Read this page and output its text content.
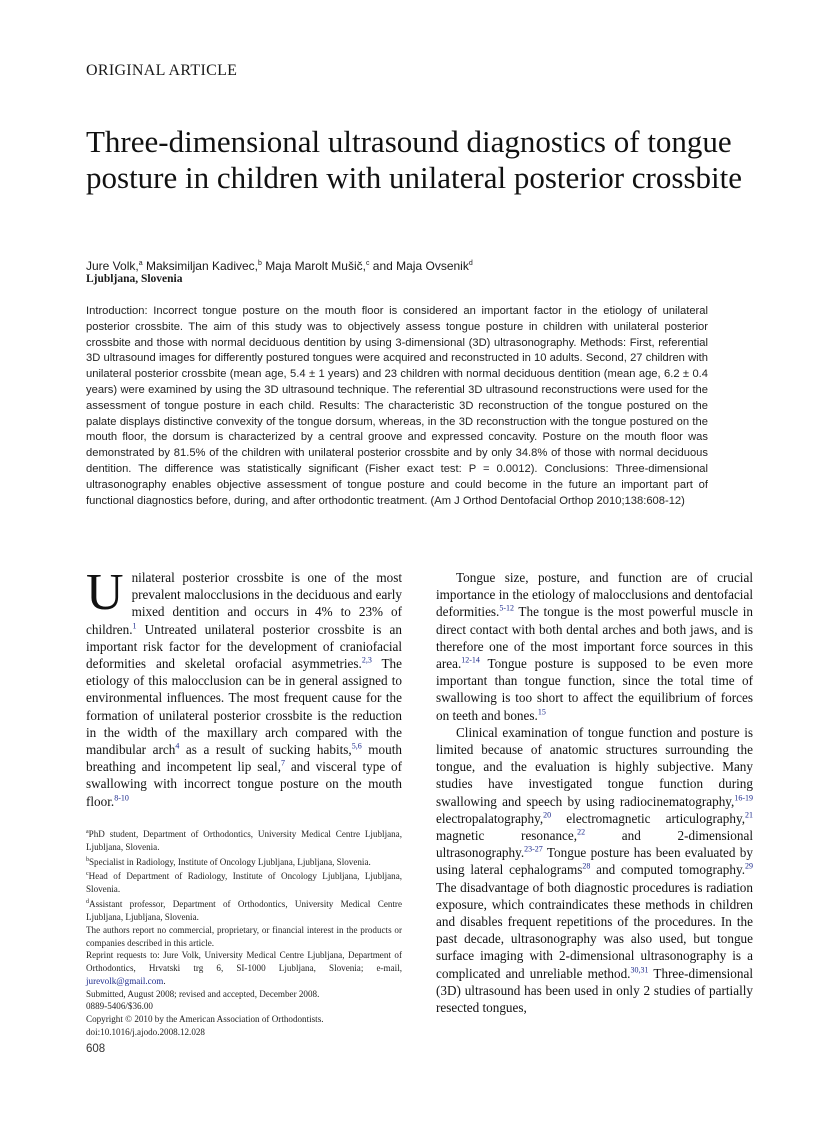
ORIGINAL ARTICLE
Three-dimensional ultrasound diagnostics of tongue posture in children with unilateral posterior crossbite
Jure Volk,$^a$ Maksimiljan Kadivec,$^b$ Maja Marolt Mušič,$^c$ and Maja Ovsenik$^d$
Ljubljana, Slovenia

Introduction: Incorrect tongue posture on the mouth floor is considered an important factor in the etiology of unilateral posterior crossbite. The aim of this study was to objectively assess tongue posture in children with unilateral posterior crossbite and those with normal deciduous dentition by using 3-dimensional (3D) ultrasonography. Methods: First, referential 3D ultrasound images for differently postured tongues were acquired and reconstructed in 10 adults. Second, 27 children with unilateral posterior crossbite (mean age, 5.4 ± 1 years) and 23 children with normal deciduous dentition (mean age, 6.2 ± 0.4 years) were examined by using the 3D ultrasound technique. The referential 3D ultrasound reconstructions were used for the assessment of tongue posture in each child. Results: The characteristic 3D reconstruction of the tongue postured on the palate displays distinctive convexity of the tongue dorsum, whereas, in the 3D reconstruction with the tongue postured on the mouth floor, the dorsum is characterized by a central groove and expressed concavity. Posture on the mouth floor was demonstrated by 81.5% of the children with unilateral posterior crossbite and by only 34.8% of those with normal deciduous dentition. The difference was statistically significant (Fisher exact test: P = 0.0012). Conclusions: Three-dimensional ultrasonography enables objective assessment of tongue posture and could become in the future an important part of functional diagnostics before, during, and after orthodontic treatment. (Am J Orthod Dentofacial Orthop 2010;138:608-12)

Unilateral posterior crossbite is one of the most prevalent malocclusions in the deciduous and early mixed dentition and occurs in 4% to 23% of children.$^1$ Untreated unilateral posterior crossbite is an important risk factor for the development of craniofacial deformities and skeletal orofacial asymmetries.$^{2,3}$ The etiology of this malocclusion can be in general assigned to environmental influences. The most frequent cause for the formation of unilateral posterior crossbite is the reduction in the width of the maxillary arch compared with the mandibular arch$^4$ as a result of sucking habits,$^{5,6}$ mouth breathing and incompetent lip seal,$^7$ and visceral type of swallowing with incorrect tongue posture on the mouth floor.$^{8-10}$

Tongue size, posture, and function are of crucial importance in the etiology of malocclusions and dentofacial deformities.$^{5-12}$ The tongue is the most powerful muscle in direct contact with both dental arches and both jaws, and is therefore one of the most important force sources in this area.$^{12-14}$ Tongue posture is supposed to be even more important than tongue function, since the total time of swallowing is too short to affect the equilibrium of forces on teeth and bones.$^{15}$

Clinical examination of tongue function and posture is limited because of anatomic structures surrounding the tongue, and the evaluation is highly subjective. Many studies have investigated tongue function during swallowing and speech by using radiocinematography,$^{16-19}$ electropalatography,$^{20}$ electromagnetic articulography,$^{21}$ magnetic resonance,$^{22}$ and 2-dimensional ultrasonography.$^{23-27}$ Tongue posture has been evaluated by using lateral cephalograms$^{28}$ and computed tomography.$^{29}$ The disadvantage of both diagnostic procedures is radiation exposure, which contraindicates these methods in children and disables frequent repetitions of the procedures. In the past decade, ultrasonography was also used, but tongue surface imaging with 2-dimensional ultrasonography is a complicated and unreliable method.$^{30,31}$ Three-dimensional (3D) ultrasound has been used in only 2 studies of partially resected tongues,

$^a$PhD student, Department of Orthodontics, University Medical Centre Ljubljana, Ljubljana, Slovenia.
$^b$Specialist in Radiology, Institute of Oncology Ljubljana, Ljubljana, Slovenia.
$^c$Head of Department of Radiology, Institute of Oncology Ljubljana, Ljubljana, Slovenia.
$^d$Assistant professor, Department of Orthodontics, University Medical Centre Ljubljana, Ljubljana, Slovenia.
The authors report no commercial, proprietary, or financial interest in the products or companies described in this article.
Reprint requests to: Jure Volk, University Medical Centre Ljubljana, Department of Orthodontics, Hrvatski trg 6, SI-1000 Ljubljana, Slovenia; e-mail, jurevolk@gmail.com.
Submitted, August 2008; revised and accepted, December 2008.
0889-5406/$36.00
Copyright © 2010 by the American Association of Orthodontists.
doi:10.1016/j.ajodo.2008.12.028
608
